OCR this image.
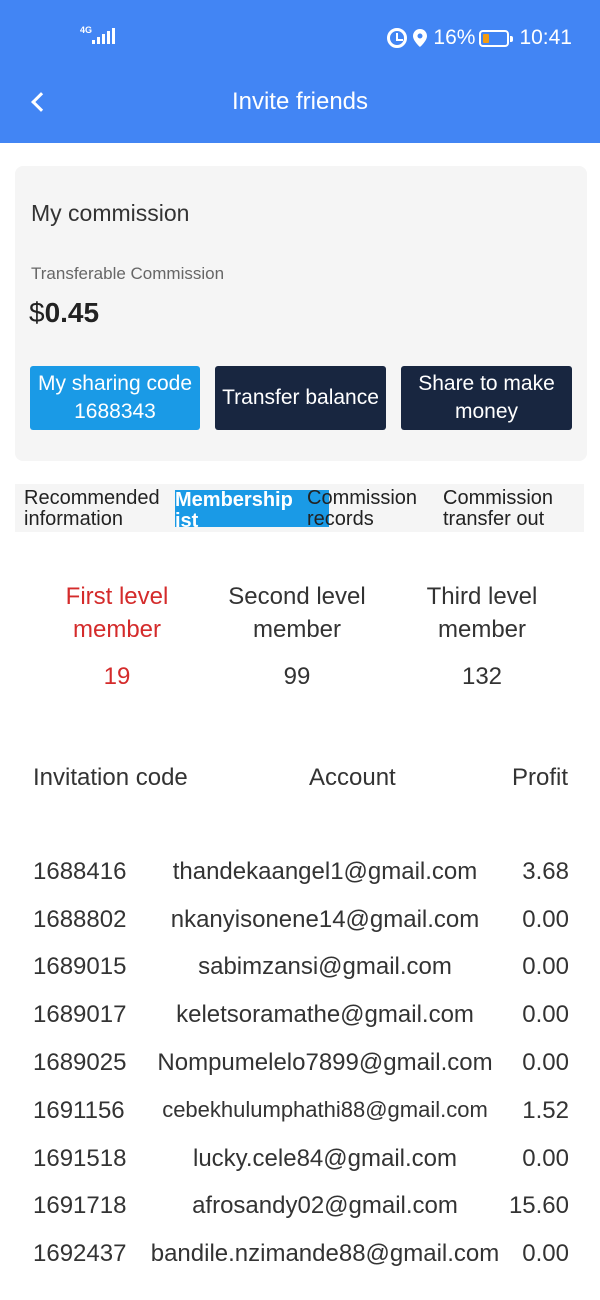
4G	16% 10:41
Invite friends
My commission
Transferable Commission
$0.45
My sharing code
1688343
Transfer balance
Share to make
money
Recommended
information
Membership
ist
Commission
records
Commission
transfer out
First level
member
19
Second level
member
99
Third level
member
132
Invitation code	Account	Profit
1688416	thandekaangel1@gmail.com	3.68
1688802	nkanyisonene14@gmail.com	0.00
1689015	sabimzansi@gmail.com	0.00
1689017	keletsoramathe@gmail.com	0.00
1689025	Nompumelelo7899@gmail.com	0.00
1691156	cebekhulumphathi88@gmail.com	1.52
1691518	lucky.cele84@gmail.com	0.00
1691718	afrosandy02@gmail.com	15.60
1692437	bandile.nzimande88@gmail.com 0.00
